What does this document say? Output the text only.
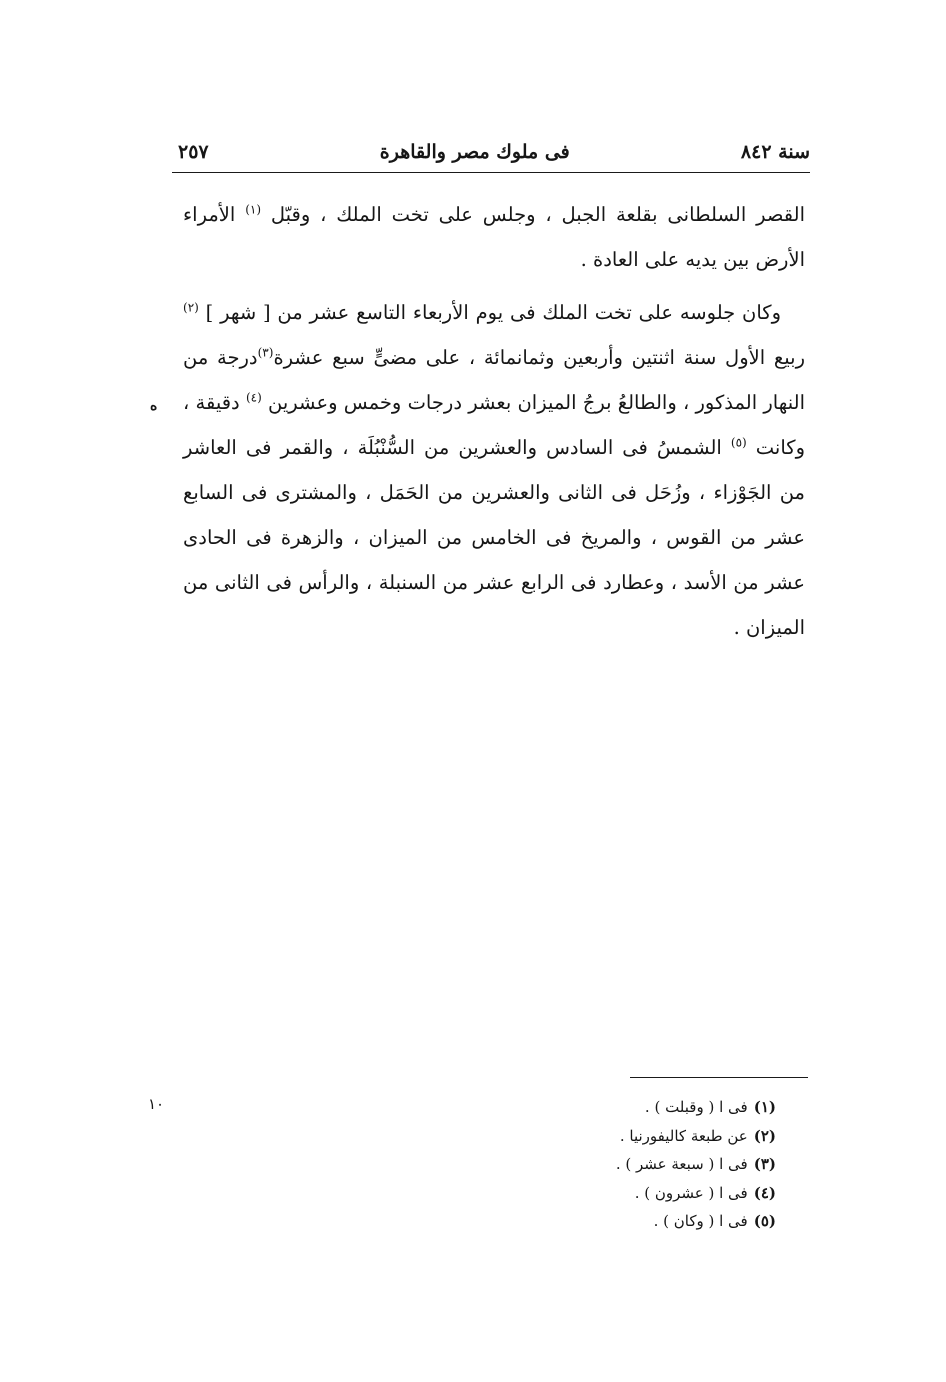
سنة ٨٤٢
فى ملوك مصر والقاهرة
٢٥٧

القصر السلطانى بقلعة الجبل ، وجلس على تخت الملك ، وقبّل $^{(١)}$ الأمراء الأرض بين يديه على العادة .

وكان جلوسه على تخت الملك فى يوم الأربعاء التاسع عشر من [ شهر ] $^{(٢)}$ ربيع الأول سنة اثنتين وأربعين وثمانمائة ، على مضىٍّ سبع عشرة$^{(٣)}$درجة من النهار المذكور ، والطالعُ برجُ الميزان بعشر درجات وخمس وعشرين $^{(٤)}$ دقيقة ، وكانت $^{(٥)}$ الشمسُ فى السادس والعشرين من السُّنْبُلَة ، والقمر فى العاشر من الجَوْزاء ، وزُحَل فى الثانى والعشرين من الحَمَل ، والمشترى فى السابع عشر من القوس ، والمريخ فى الخامس من الميزان ، والزهرة فى الحادى عشر من الأسد ، وعطارد فى الرابع عشر من السنبلة ، والرأس فى الثانى من الميزان .

ه
(١)فى ا ( وقبلت ) .
(٢)عن طبعة كاليفورنيا .
(٣)فى ا ( سبعة عشر ) .
(٤)فى ا ( عشرون ) .
(٥)فى ا ( وكان ) .
١٠
